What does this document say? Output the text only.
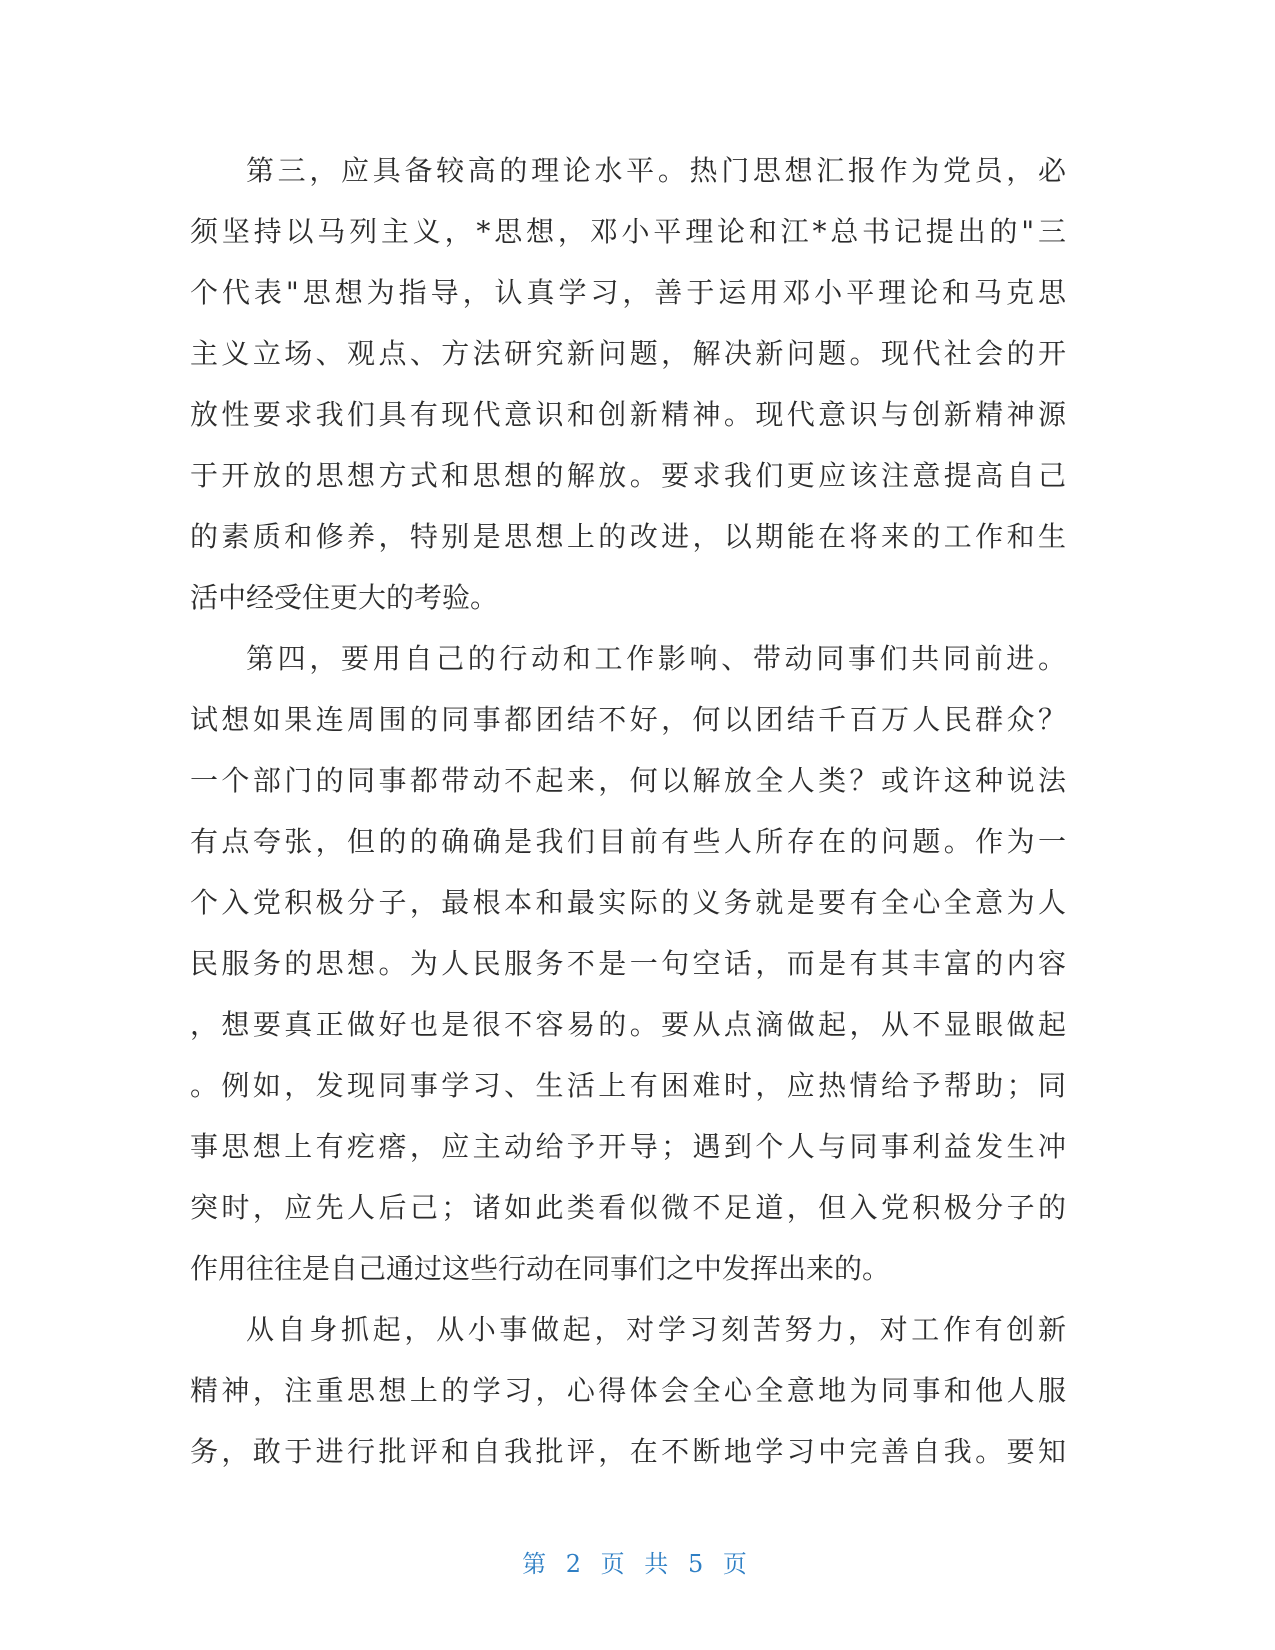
第三，应具备较高的理论水平。热门思想汇报作为党员，必
须坚持以马列主义，*思想，邓小平理论和江*总书记提出的"三
个代表"思想为指导，认真学习，善于运用邓小平理论和马克思
主义立场、观点、方法研究新问题，解决新问题。现代社会的开
放性要求我们具有现代意识和创新精神。现代意识与创新精神源
于开放的思想方式和思想的解放。要求我们更应该注意提高自己
的素质和修养，特别是思想上的改进，以期能在将来的工作和生
活中经受住更大的考验。
第四，要用自己的行动和工作影响、带动同事们共同前进。
试想如果连周围的同事都团结不好，何以团结千百万人民群众？
一个部门的同事都带动不起来，何以解放全人类？或许这种说法
有点夸张，但的的确确是我们目前有些人所存在的问题。作为一
个入党积极分子，最根本和最实际的义务就是要有全心全意为人
民服务的思想。为人民服务不是一句空话，而是有其丰富的内容
，想要真正做好也是很不容易的。要从点滴做起，从不显眼做起
。例如，发现同事学习、生活上有困难时，应热情给予帮助；同
事思想上有疙瘩，应主动给予开导；遇到个人与同事利益发生冲
突时，应先人后己；诸如此类看似微不足道，但入党积极分子的
作用往往是自己通过这些行动在同事们之中发挥出来的。
从自身抓起，从小事做起，对学习刻苦努力，对工作有创新
精神，注重思想上的学习，心得体会全心全意地为同事和他人服
务，敢于进行批评和自我批评，在不断地学习中完善自我。要知
第 2 页 共 5 页
